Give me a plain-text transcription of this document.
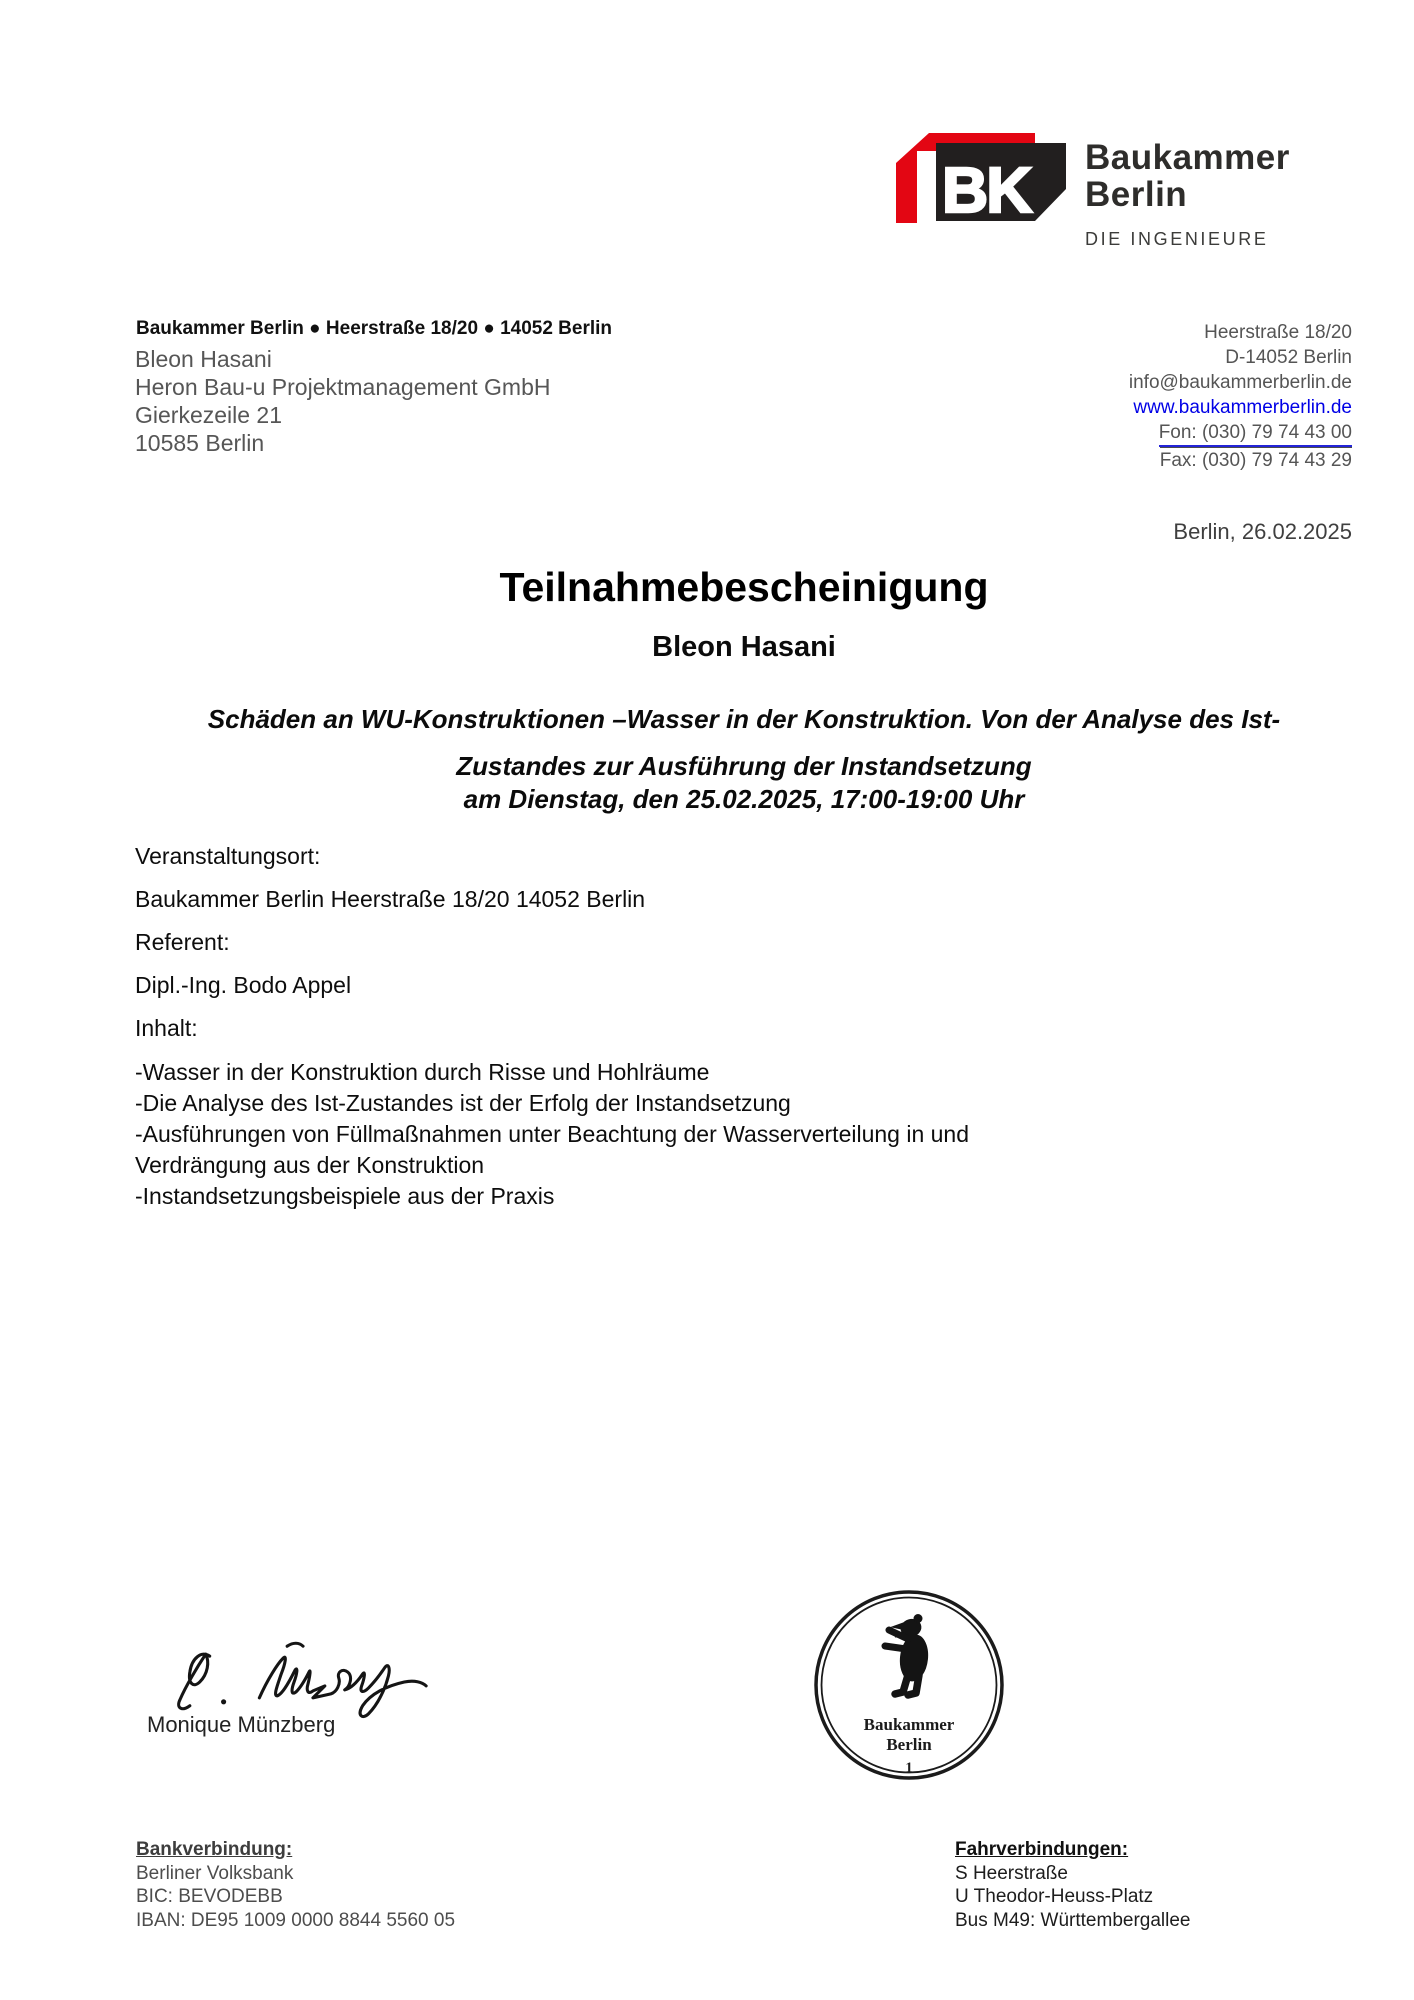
BK Baukammer
Berlin
DIE INGENIEURE
Baukammer Berlin ● Heerstraße 18/20 ● 14052 Berlin
Bleon Hasani
Heron Bau-u Projektmanagement GmbH
Gierkezeile 21
10585 Berlin
Heerstraße 18/20
D-14052 Berlin
info@baukammerberlin.de
www.baukammerberlin.de
Fon: (030) 79 74 43 00
Fax: (030) 79 74 43 29
Berlin, 26.02.2025
Teilnahmebescheinigung
Bleon Hasani
Schäden an WU-Konstruktionen –Wasser in der Konstruktion. Von der Analyse des Ist-
Zustandes zur Ausführung der Instandsetzung
am Dienstag, den 25.02.2025, 17:00-19:00 Uhr
Veranstaltungsort:
Baukammer Berlin Heerstraße 18/20 14052 Berlin
Referent:
Dipl.-Ing. Bodo Appel
Inhalt:
-Wasser in der Konstruktion durch Risse und Hohlräume
-Die Analyse des Ist-Zustandes ist der Erfolg der Instandsetzung
-Ausführungen von Füllmaßnahmen unter Beachtung der Wasserverteilung in und
Verdrängung aus der Konstruktion
-Instandsetzungsbeispiele aus der Praxis
Monique Münzberg	Baukammer
Berlin
1
Bankverbindung:
Berliner Volksbank
BIC: BEVODEBB
IBAN: DE95 1009 0000 8844 5560 05
Fahrverbindungen:
S Heerstraße
U Theodor-Heuss-Platz
Bus M49: Württembergallee
